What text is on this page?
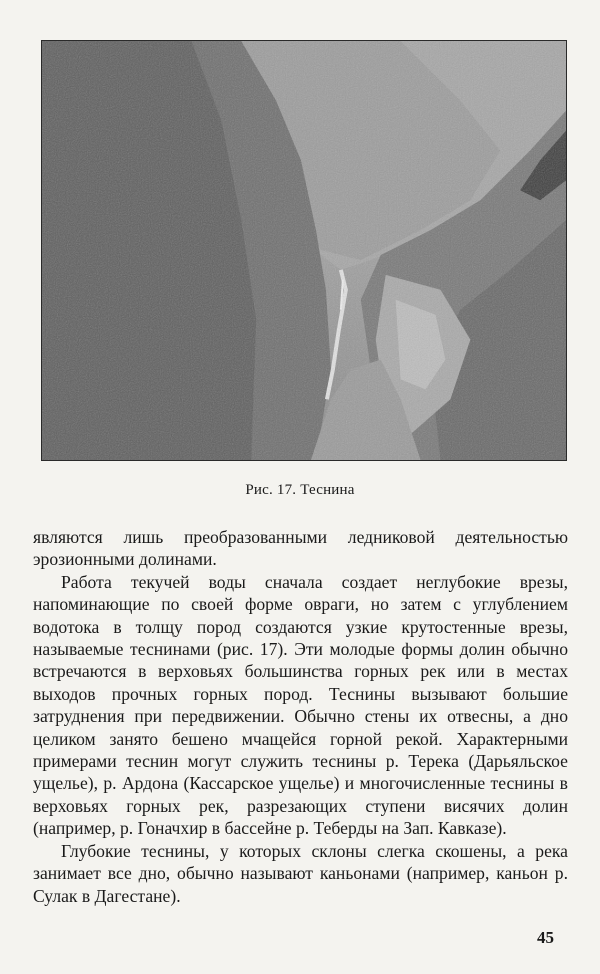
Рис. 17. Теснина

являются лишь преобразованными ледниковой деятельностью эрозионными долинами.

Работа текучей воды сначала создает неглубокие врезы, напоминающие по своей форме овраги, но затем с углублением водотока в толщу пород создаются узкие крутостенные врезы, называемые теснинами (рис. 17). Эти молодые формы долин обычно встречаются в верховьях большинства горных рек или в местах выходов прочных горных пород. Теснины вызывают большие затруднения при передвижении. Обычно стены их отвесны, а дно целиком занято бешено мчащейся горной рекой. Характерными примерами теснин могут служить теснины р. Терека (Дарьяльское ущелье), р. Ардона (Кассарское ущелье) и многочисленные теснины в верховьях горных рек, разрезающих ступени висячих долин (например, р. Гоначхир в бассейне р. Теберды на Зап. Кавказе).

Глубокие теснины, у которых склоны слегка скошены, а река занимает все дно, обычно называют каньонами (например, каньон р. Сулак в Дагестане).

45
